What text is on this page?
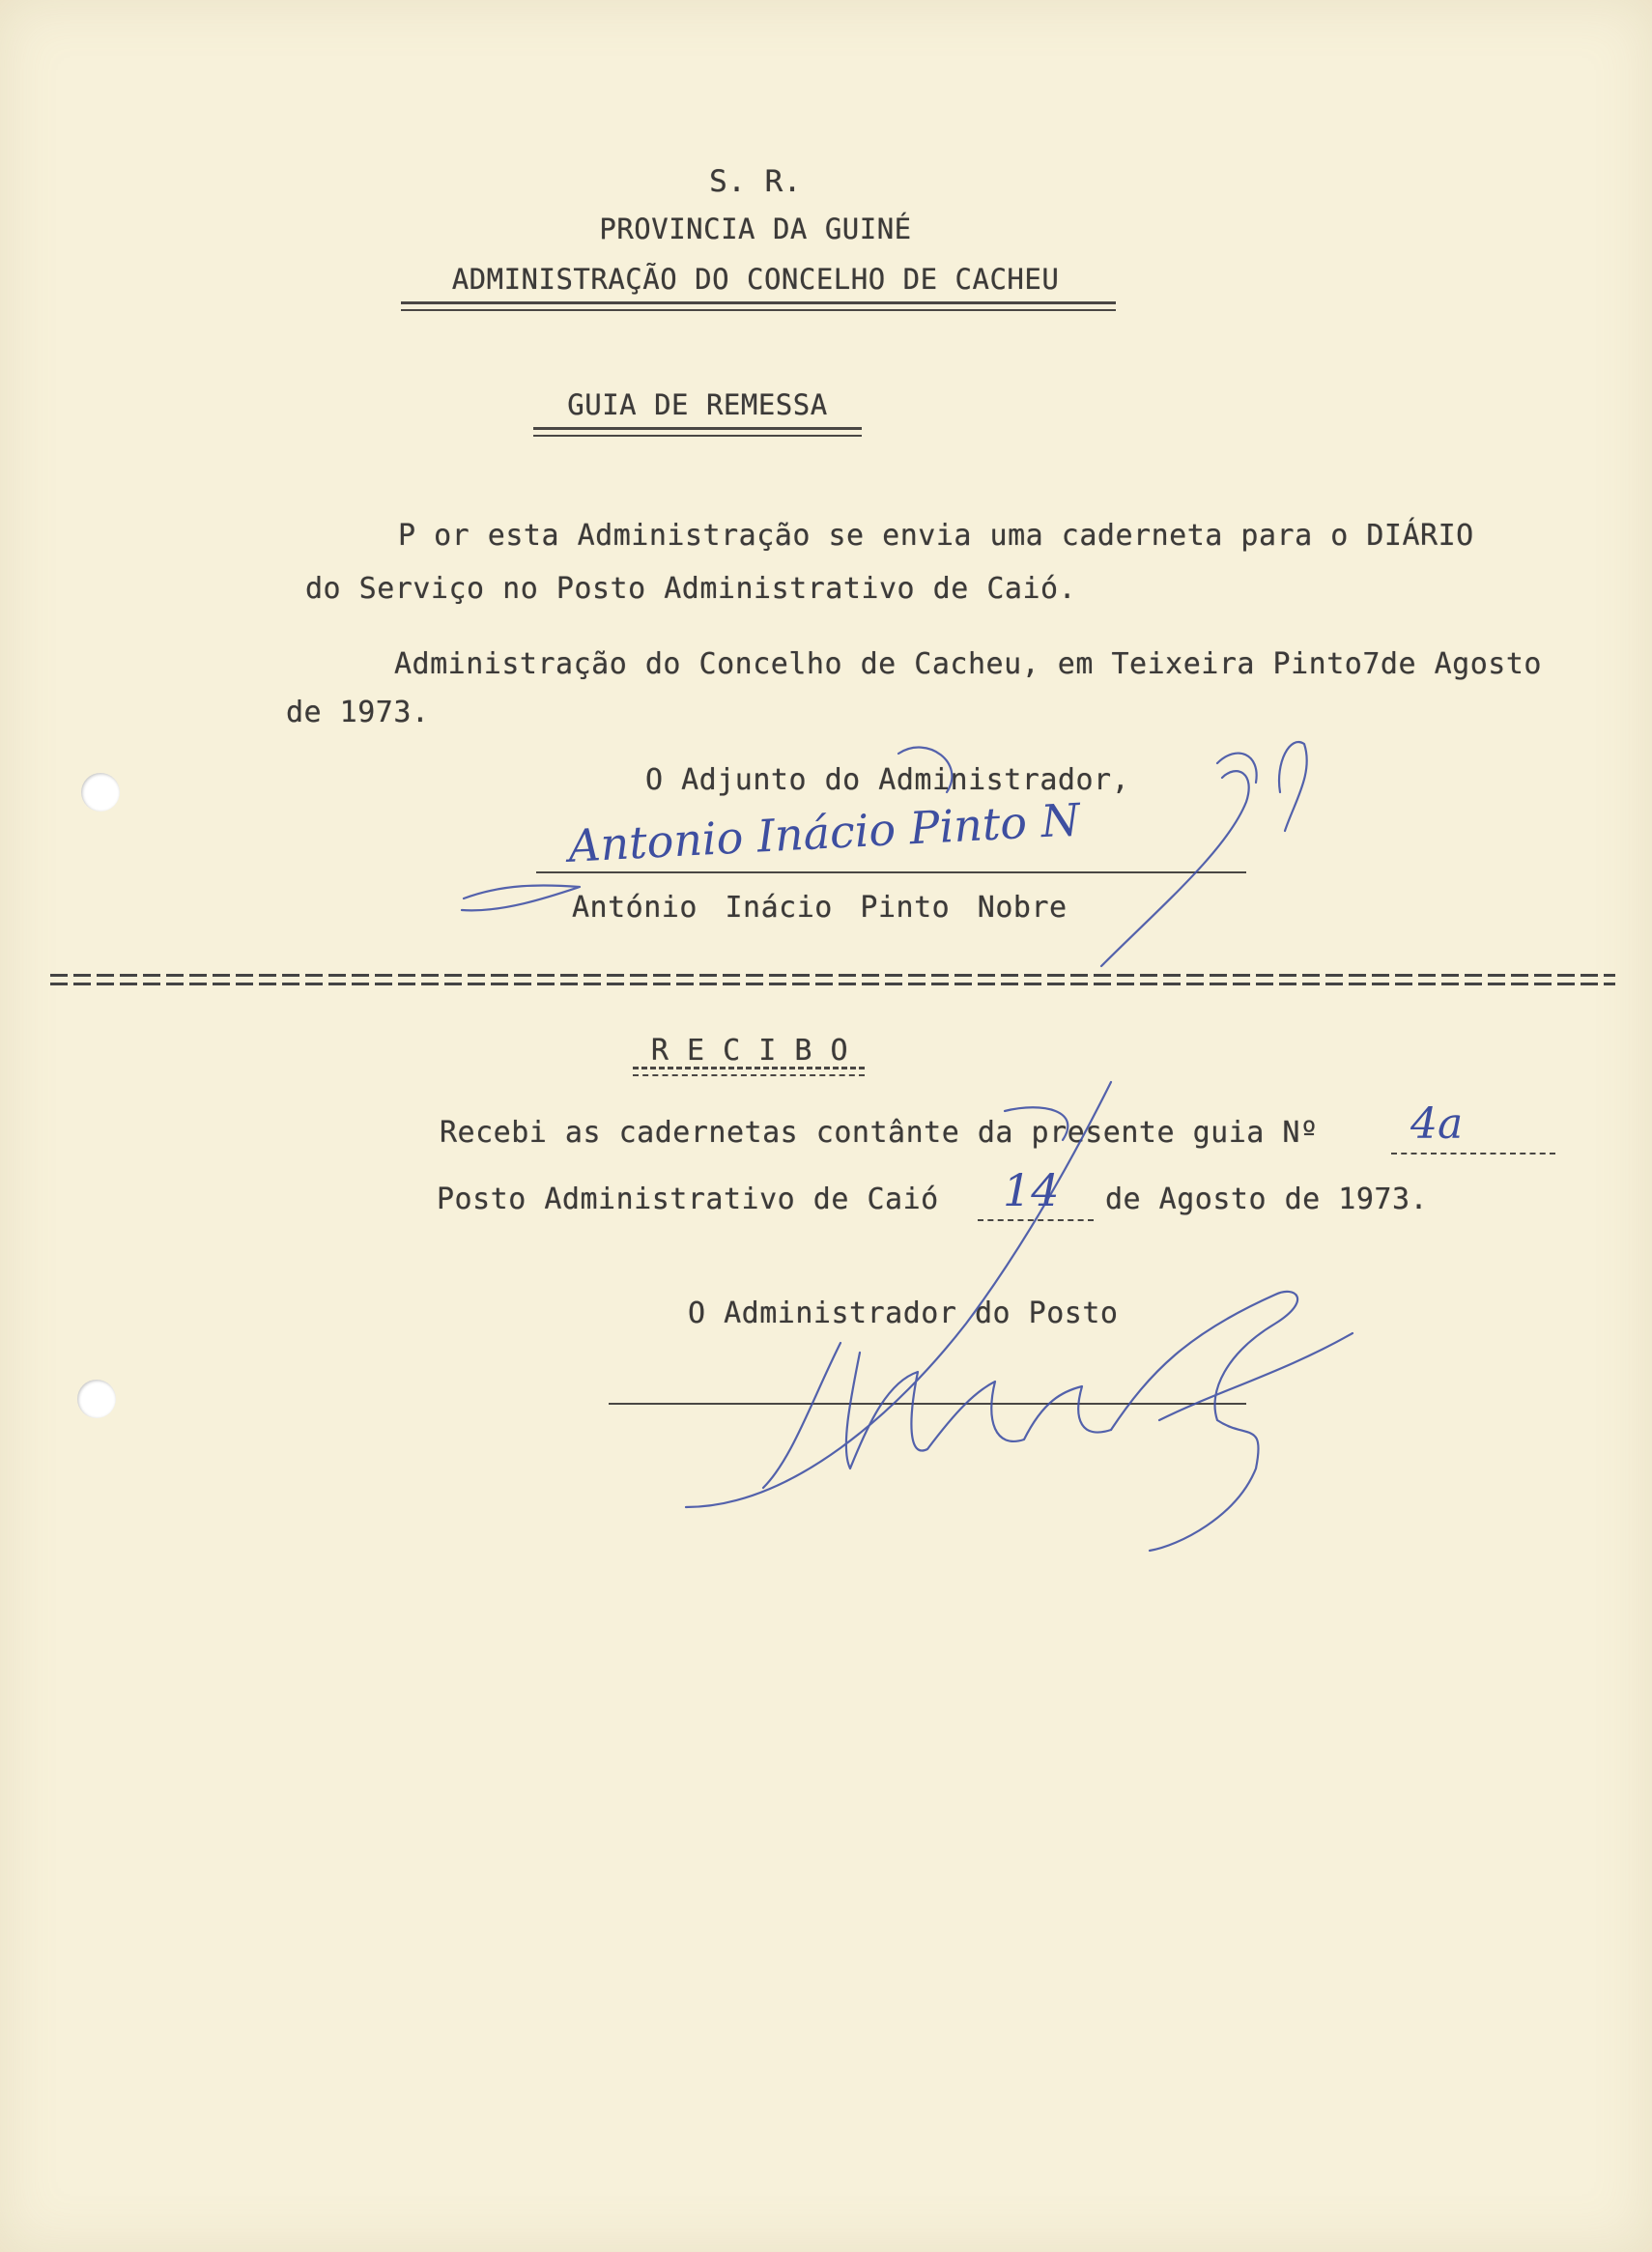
S. R.
PROVINCIA DA GUINÉ
ADMINISTRAÇÃO DO CONCELHO DE CACHEU
GUIA DE REMESSA
P or esta Administração se envia uma caderneta para o DIÁRIO
do Serviço no Posto Administrativo de Caió.
Administração do Concelho de Cacheu, em Teixeira Pinto7de Agosto
de 1973.
O Adjunto do Administrador,
Antonio Inácio Pinto N
António Inácio Pinto Nobre
R E C I B O
Recebi as cadernetas contânte da presente guia Nº 4a
Posto Administrativo de Caió 14 de Agosto de 1973.
O Administrador do Posto
